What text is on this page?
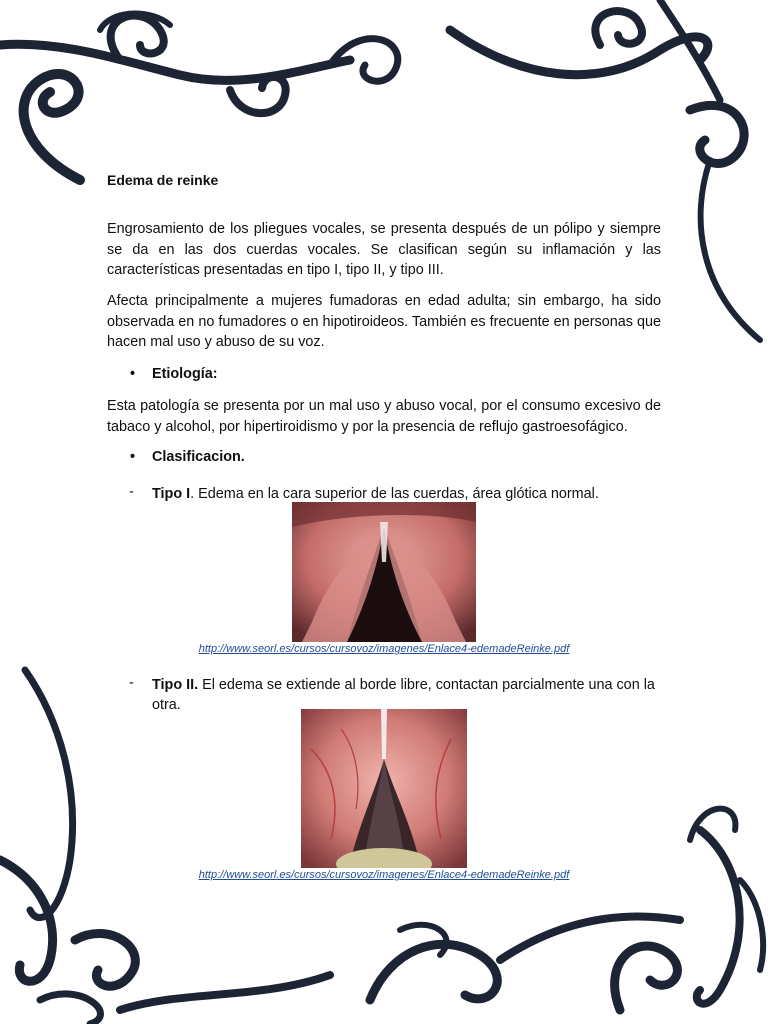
Edema de reinke

Engrosamiento de los pliegues vocales, se presenta después de un pólipo y siempre se da en las dos cuerdas vocales. Se clasifican según su inflamación y las características presentadas en tipo I, tipo II, y tipo III.

Afecta principalmente a mujeres fumadoras en edad adulta; sin embargo, ha sido observada en no fumadores o en hipotiroideos. También es frecuente en personas que hacen mal uso y abuso de su voz.

• Etiología:

Esta patología se presenta por un mal uso y abuso vocal, por el consumo excesivo de tabaco y alcohol, por hipertiroidismo y por la presencia de reflujo gastroesofágico.

• Clasificacion.
- Tipo I. Edema en la cara superior de las cuerdas, área glótica normal.

http://www.seorl.es/cursos/cursovoz/imagenes/Enlace4-edemadeReinke.pdf
- Tipo II. El edema se extiende al borde libre, contactan parcialmente una con la otra.

http://www.seorl.es/cursos/cursovoz/imagenes/Enlace4-edemadeReinke.pdf
